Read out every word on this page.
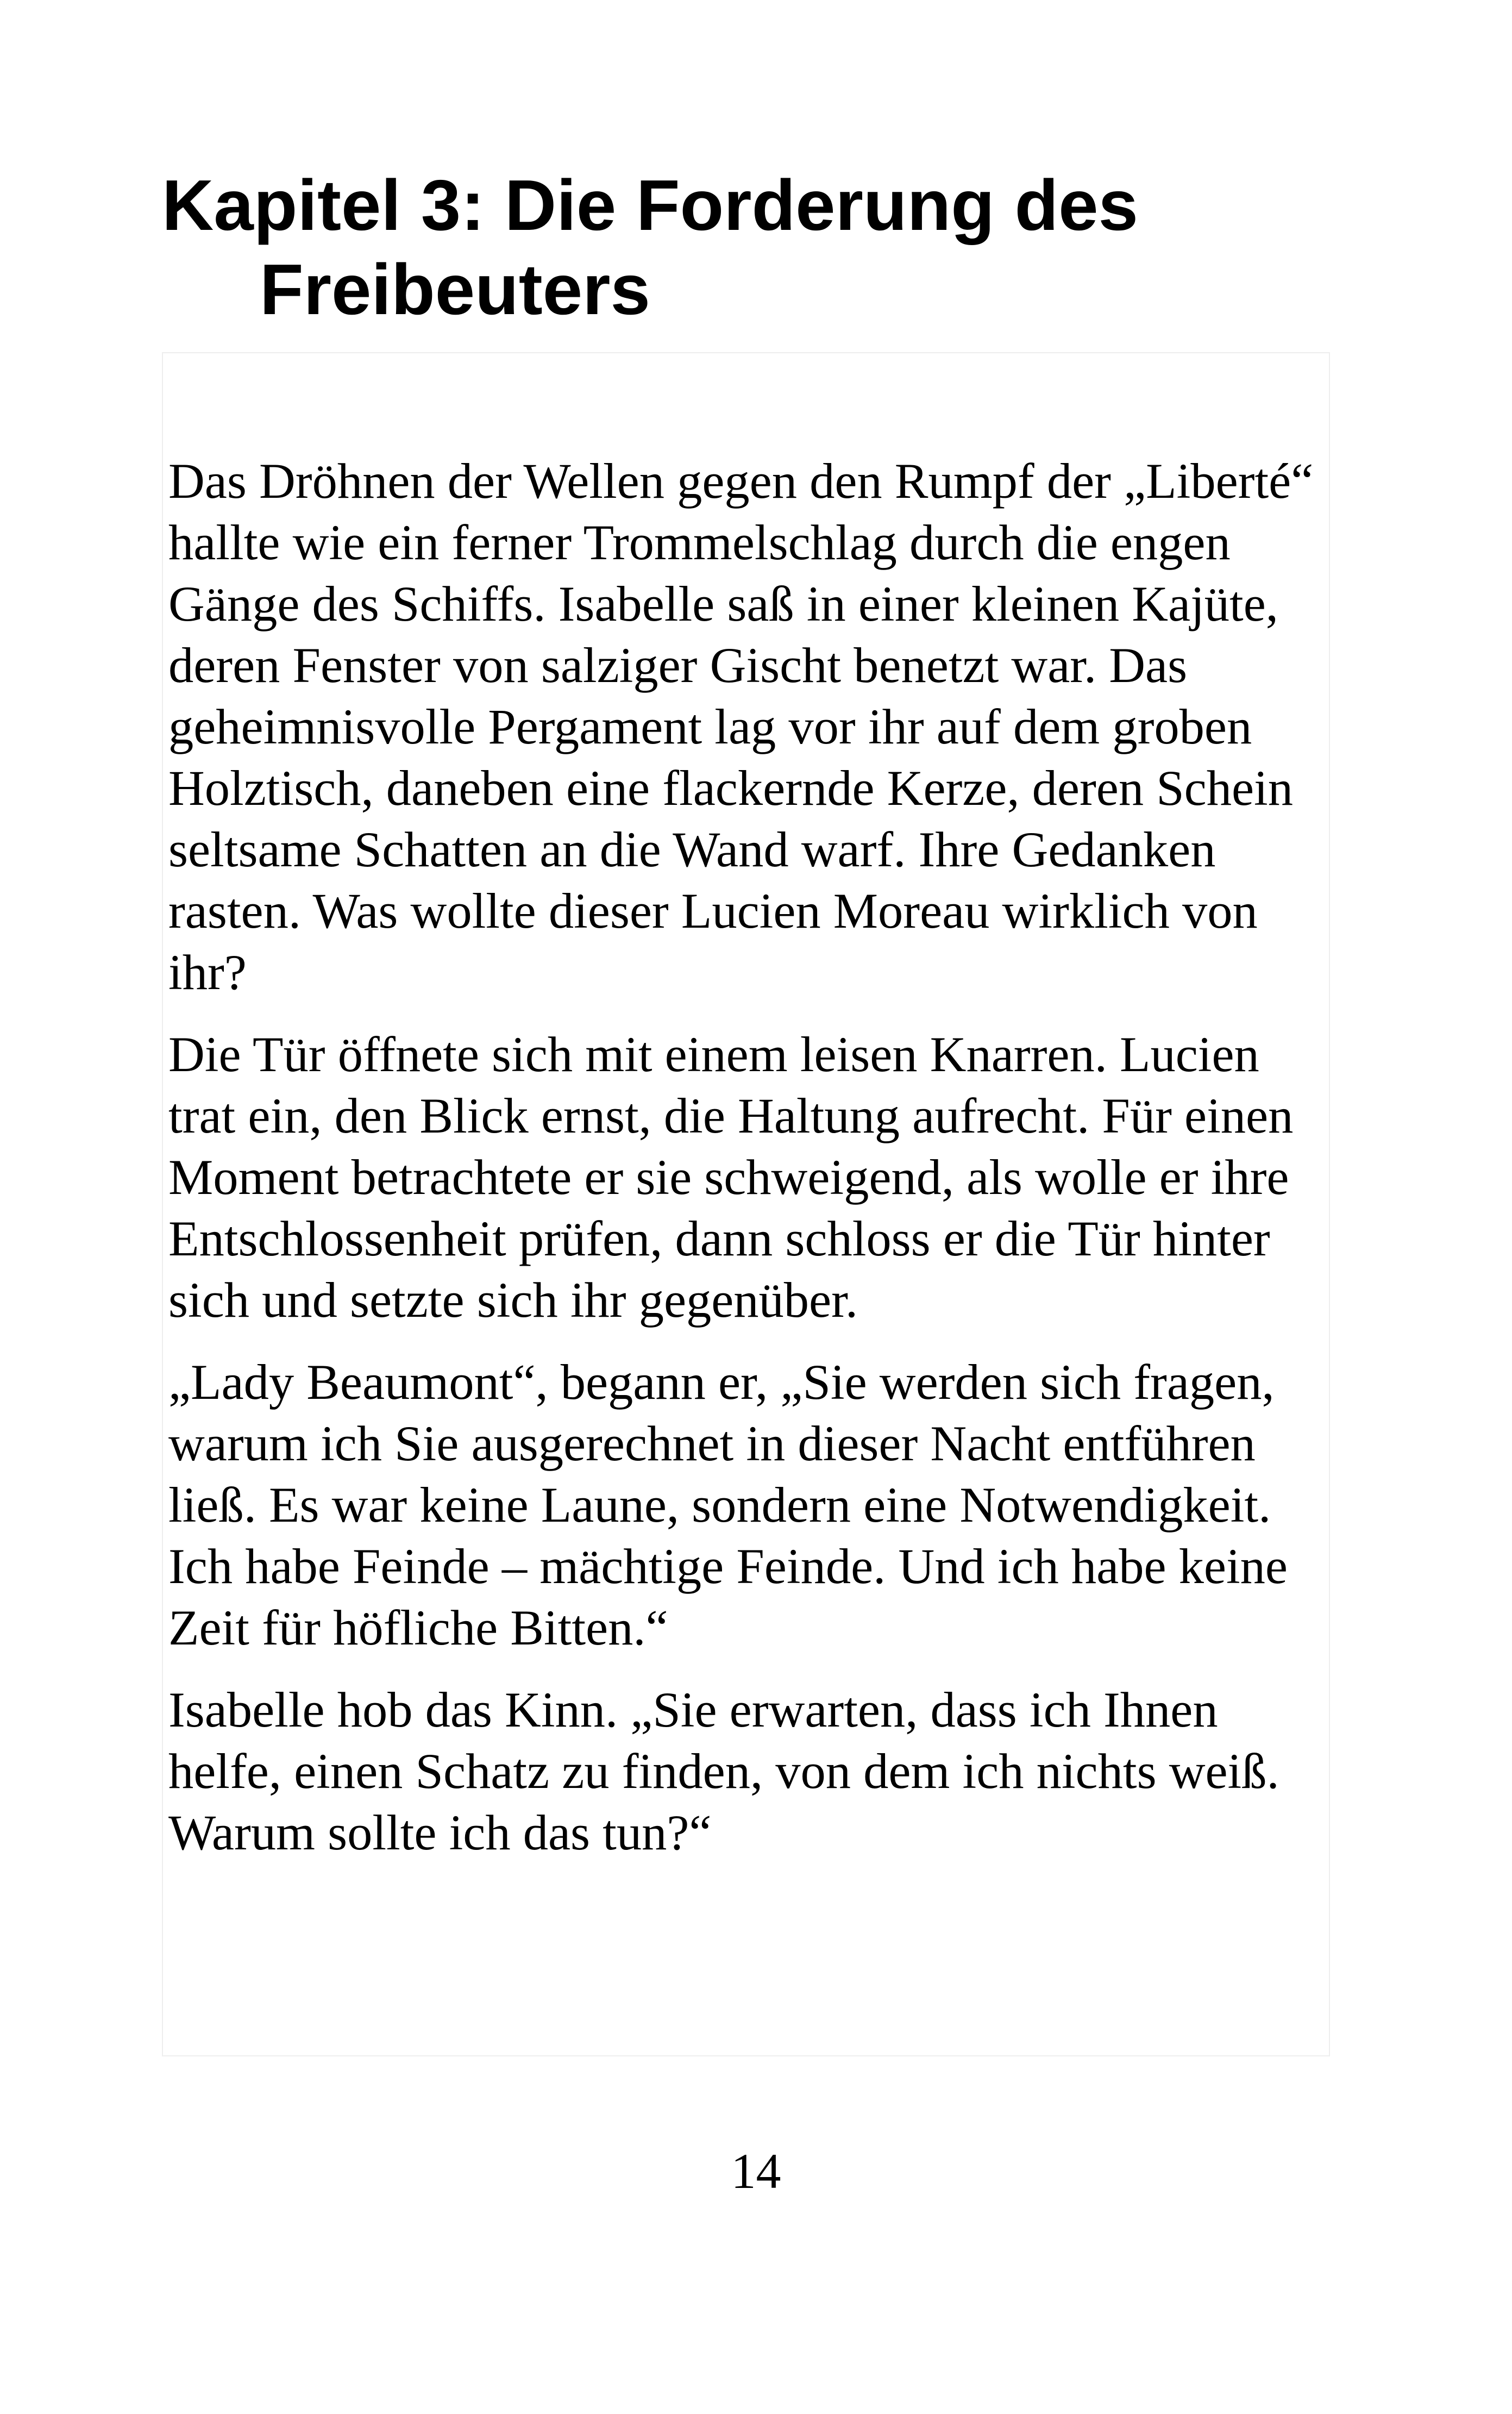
Kapitel 3: Die Forderung des Freibeuters

Das Dröhnen der Wellen gegen den Rumpf der „Liberté“ hallte wie ein ferner Trommelschlag durch die engen Gänge des Schiffs. Isabelle saß in einer kleinen Kajüte, deren Fenster von salziger Gischt benetzt war. Das geheimnisvolle Pergament lag vor ihr auf dem groben Holztisch, daneben eine flackernde Kerze, deren Schein seltsame Schatten an die Wand warf. Ihre Gedanken rasten. Was wollte dieser Lucien Moreau wirklich von ihr?

Die Tür öffnete sich mit einem leisen Knarren. Lucien trat ein, den Blick ernst, die Haltung aufrecht. Für einen Moment betrachtete er sie schweigend, als wolle er ihre Entschlossenheit prüfen, dann schloss er die Tür hinter sich und setzte sich ihr gegenüber.

„Lady Beaumont“, begann er, „Sie werden sich fragen, warum ich Sie ausgerechnet in dieser Nacht entführen ließ. Es war keine Laune, sondern eine Notwendigkeit. Ich habe Feinde – mächtige Feinde. Und ich habe keine Zeit für höfliche Bitten.“

Isabelle hob das Kinn. „Sie erwarten, dass ich Ihnen helfe, einen Schatz zu finden, von dem ich nichts weiß. Warum sollte ich das tun?“

14
